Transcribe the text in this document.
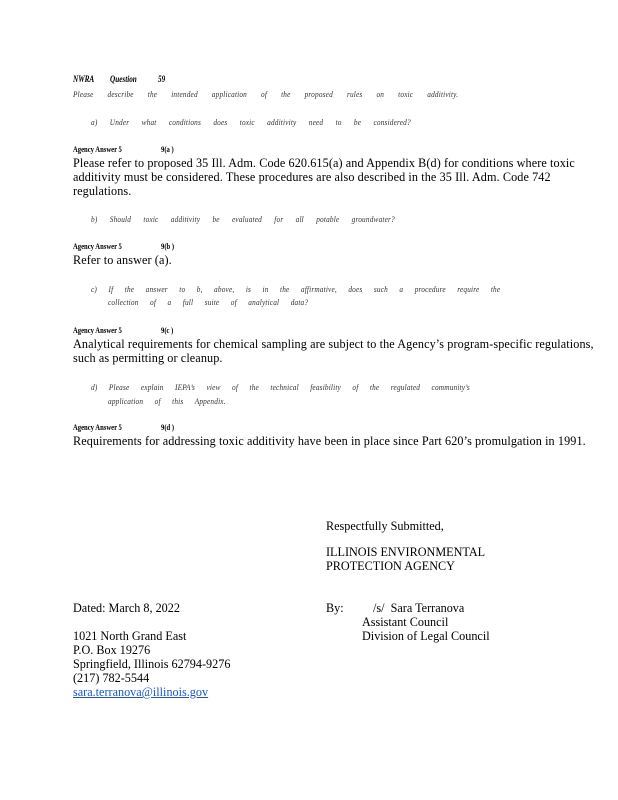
NWRA Question 59
Please describe the intended application of the proposed rules on toxic additivity.
a) Under what conditions does toxic additivity need to be considered?
Agency Answer 5	9(a )
Please refer to proposed 35 Ill. Adm. Code 620.615(a) and Appendix B(d) for conditions where toxic additivity must be considered. These procedures are also described in the 35 Ill. Adm. Code 742 regulations.
b) Should toxic additivity be evaluated for all potable groundwater?
Agency Answer 5	9(b )
Refer to answer (a).
c) If the answer to b, above, is in the affirmative, does such a procedure require the
collection of a full suite of analytical data?
Agency Answer 5	9(c )
Analytical requirements for chemical sampling are subject to the Agency’s program-specific regulations, such as permitting or cleanup.
d) Please explain IEPA’s view of the technical feasibility of the regulated community’s
application of this Appendix.
Agency Answer 5	9(d )
Requirements for addressing toxic additivity have been in place since Part 620’s promulgation in 1991.
Respectfully Submitted,
ILLINOIS ENVIRONMENTAL
PROTECTION AGENCY
Dated: March 8, 2022	By: /s/  Sara Terranova
Assistant Council
Division of Legal Council
1021 North Grand East
P.O. Box 19276
Springfield, Illinois 62794-9276
(217) 782-5544
sara.terranova@illinois.gov
